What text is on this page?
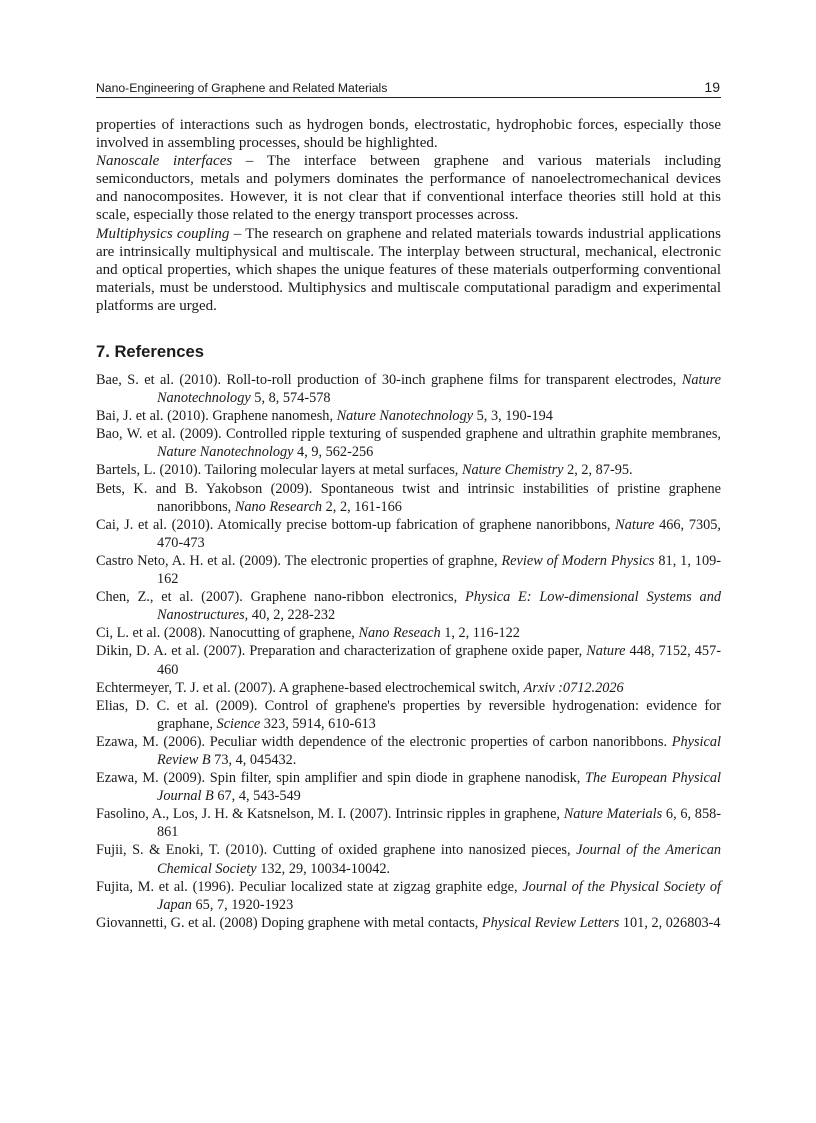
Nano-Engineering of Graphene and Related Materials	19

properties of interactions such as hydrogen bonds, electrostatic, hydrophobic forces, especially those involved in assembling processes, should be highlighted.

Nanoscale interfaces – The interface between graphene and various materials including semiconductors, metals and polymers dominates the performance of nanoelectromechanical devices and nanocomposites. However, it is not clear that if conventional interface theories still hold at this scale, especially those related to the energy transport processes across.

Multiphysics coupling – The research on graphene and related materials towards industrial applications are intrinsically multiphysical and multiscale. The interplay between structural, mechanical, electronic and optical properties, which shapes the unique features of these materials outperforming conventional materials, must be understood. Multiphysics and multiscale computational paradigm and experimental platforms are urged.

7. References
Bae, S. et al. (2010). Roll-to-roll production of 30-inch graphene films for transparent electrodes, Nature Nanotechnology 5, 8, 574-578
Bai, J. et al. (2010). Graphene nanomesh, Nature Nanotechnology 5, 3, 190-194
Bao, W. et al. (2009). Controlled ripple texturing of suspended graphene and ultrathin graphite membranes, Nature Nanotechnology 4, 9, 562-256
Bartels, L. (2010). Tailoring molecular layers at metal surfaces, Nature Chemistry 2, 2, 87-95.
Bets, K. and B. Yakobson (2009). Spontaneous twist and intrinsic instabilities of pristine graphene nanoribbons, Nano Research 2, 2, 161-166
Cai, J. et al. (2010). Atomically precise bottom-up fabrication of graphene nanoribbons, Nature 466, 7305, 470-473
Castro Neto, A. H. et al. (2009). The electronic properties of graphne, Review of Modern Physics 81, 1, 109-162
Chen, Z., et al. (2007). Graphene nano-ribbon electronics, Physica E: Low-dimensional Systems and Nanostructures, 40, 2, 228-232
Ci, L. et al. (2008). Nanocutting of graphene, Nano Reseach 1, 2, 116-122
Dikin, D. A. et al. (2007). Preparation and characterization of graphene oxide paper, Nature 448, 7152, 457-460
Echtermeyer, T. J. et al. (2007). A graphene-based electrochemical switch, Arxiv :0712.2026
Elias, D. C. et al. (2009). Control of graphene's properties by reversible hydrogenation: evidence for graphane, Science 323, 5914, 610-613
Ezawa, M. (2006). Peculiar width dependence of the electronic properties of carbon nanoribbons. Physical Review B 73, 4, 045432.
Ezawa, M. (2009). Spin filter, spin amplifier and spin diode in graphene nanodisk, The European Physical Journal B 67, 4, 543-549
Fasolino, A., Los, J. H. & Katsnelson, M. I. (2007). Intrinsic ripples in graphene, Nature Materials 6, 6, 858-861
Fujii, S. & Enoki, T. (2010). Cutting of oxided graphene into nanosized pieces, Journal of the American Chemical Society 132, 29, 10034-10042.
Fujita, M. et al. (1996). Peculiar localized state at zigzag graphite edge, Journal of the Physical Society of Japan 65, 7, 1920-1923
Giovannetti, G. et al. (2008) Doping graphene with metal contacts, Physical Review Letters 101, 2, 026803-4
